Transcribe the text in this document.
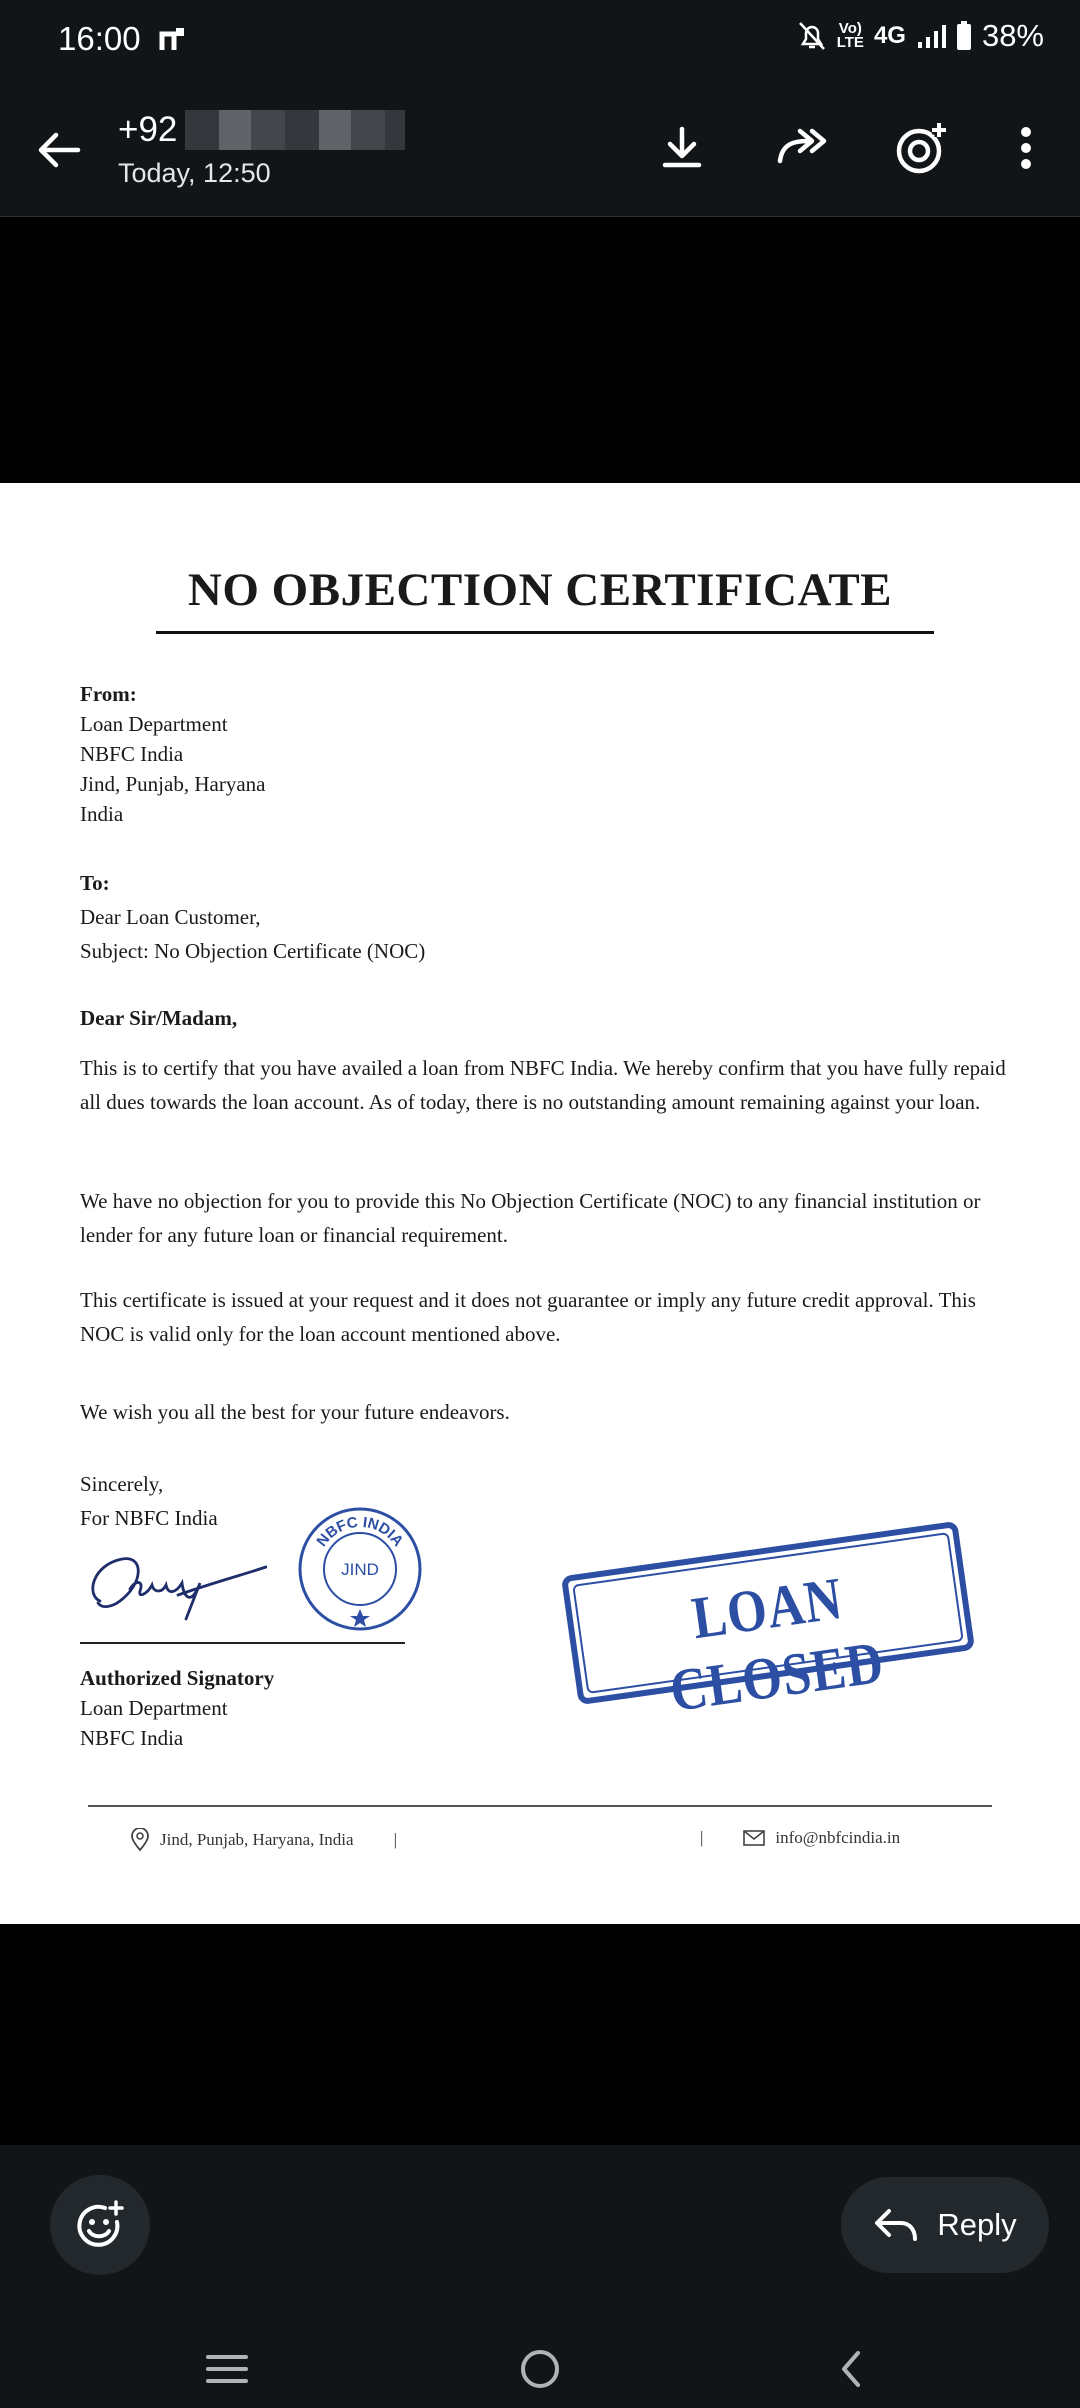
16:00	Vo)
LTE 4G 38%
+92
Today, 12:50
NO OBJECTION CERTIFICATE
From:
Loan Department
NBFC India
Jind, Punjab, Haryana
India
To:
Dear Loan Customer,
Subject: No Objection Certificate (NOC)
Dear Sir/Madam,
This is to certify that you have availed a loan from NBFC India. We hereby confirm that you have fully repaid all dues towards the loan account. As of today, there is no outstanding amount remaining against your loan.
We have no objection for you to provide this No Objection Certificate (NOC) to any financial institution or lender for any future loan or financial requirement.
This certificate is issued at your request and it does not guarantee or imply any future credit approval. This NOC is valid only for the loan account mentioned above.
We wish you all the best for your future endeavors.
Sincerely,
For NBFC India
NBFC INDIA
JIND
Authorized Signatory
Loan Department
NBFC India
LOAN CLOSED
Jind, Punjab, Haryana, India |	|	info@nbfcindia.in
Reply
